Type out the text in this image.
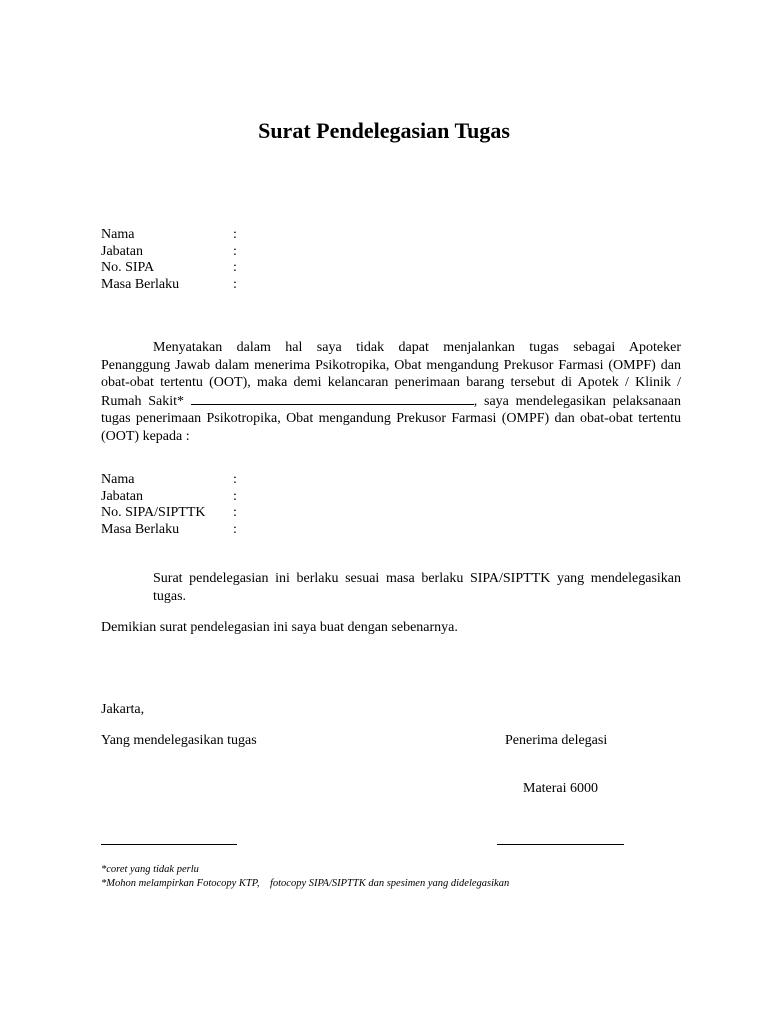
Surat Pendelegasian Tugas
Nama	:
Jabatan	:
No. SIPA	:
Masa Berlaku	:
Menyatakan dalam hal saya tidak dapat menjalankan tugas sebagai Apoteker
Penanggung Jawab dalam menerima Psikotropika, Obat mengandung Prekusor Farmasi (OMPF) dan obat-obat tertentu (OOT), maka demi kelancaran penerimaan barang tersebut di Apotek / Klinik / Rumah Sakit*	, saya mendelegasikan pelaksanaan tugas penerimaan Psikotropika, Obat mengandung Prekusor Farmasi (OMPF) dan obat-obat tertentu (OOT) kepada :
Nama	:
Jabatan	:
No. SIPA/SIPTTK :
Masa Berlaku	:
Surat pendelegasian ini berlaku sesuai masa berlaku SIPA/SIPTTK yang mendelegasikan tugas.
Demikian surat pendelegasian ini saya buat dengan sebenarnya.
Jakarta,
Yang mendelegasikan tugas	Penerima delegasi
Materai 6000
*coret yang tidak perlu
*Mohon melampirkan Fotocopy KTP,    fotocopy SIPA/SIPTTK dan spesimen yang didelegasikan
